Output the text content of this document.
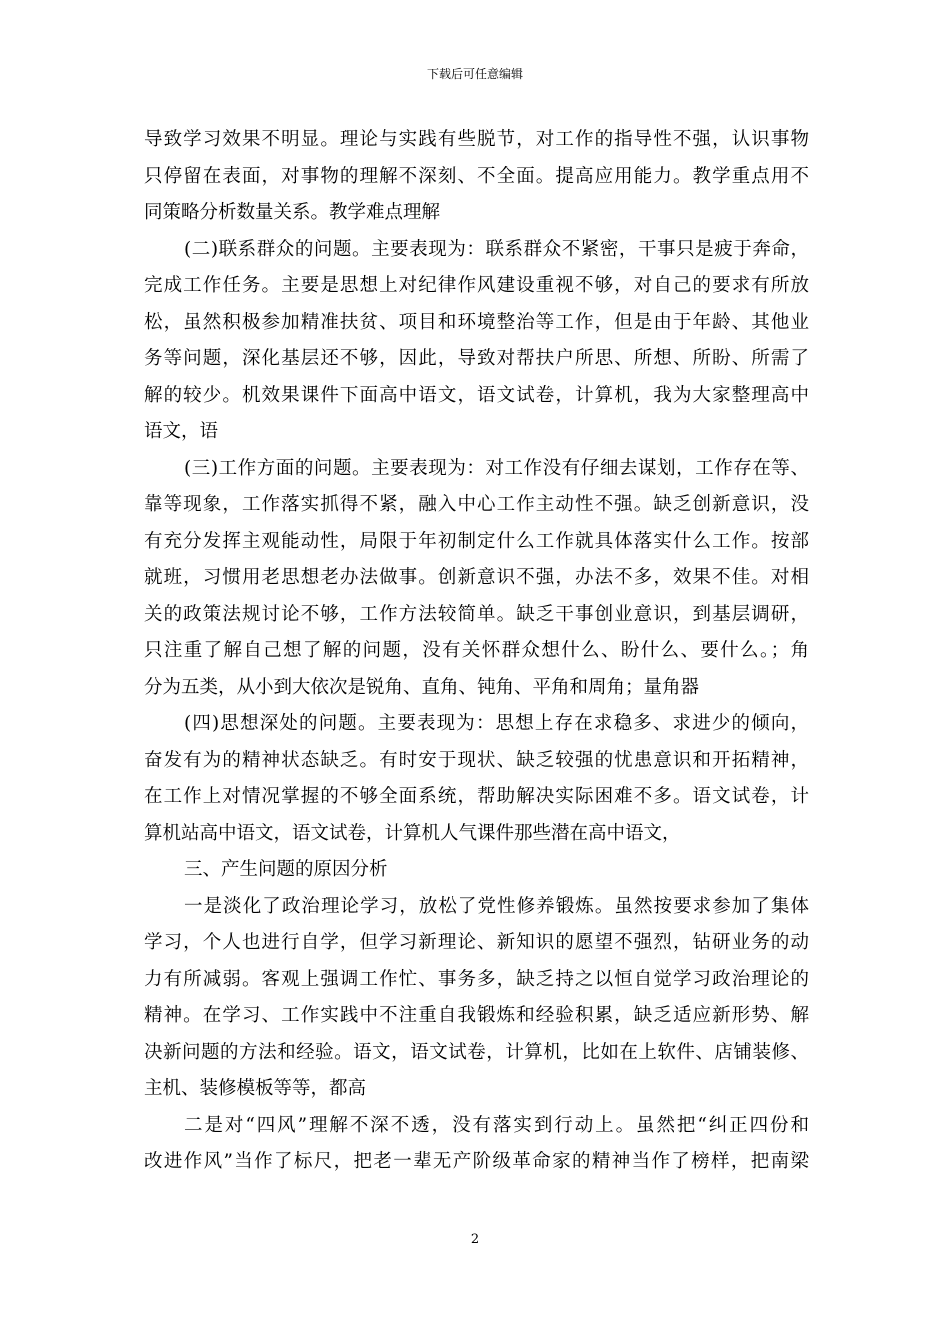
下载后可任意编辑
导致学习效果不明显。理论与实践有些脱节，对工作的指导性不强，认识事物
只停留在表面，对事物的理解不深刻、不全面。提高应用能力。教学重点用不
同策略分析数量关系。教学难点理解
(二)联系群众的问题。主要表现为：联系群众不紧密，干事只是疲于奔命，
完成工作任务。主要是思想上对纪律作风建设重视不够，对自己的要求有所放
松，虽然积极参加精准扶贫、项目和环境整治等工作，但是由于年龄、其他业
务等问题，深化基层还不够，因此，导致对帮扶户所思、所想、所盼、所需了
解的较少。机效果课件下面高中语文，语文试卷，计算机，我为大家整理高中
语文，语
(三)工作方面的问题。主要表现为：对工作没有仔细去谋划，工作存在等、
靠等现象，工作落实抓得不紧，融入中心工作主动性不强。缺乏创新意识，没
有充分发挥主观能动性，局限于年初制定什么工作就具体落实什么工作。按部
就班，习惯用老思想老办法做事。创新意识不强，办法不多，效果不佳。对相
关的政策法规讨论不够，工作方法较简单。缺乏干事创业意识，到基层调研，
只注重了解自己想了解的问题，没有关怀群众想什么、盼什么、要什么。；角
分为五类，从小到大依次是锐角、直角、钝角、平角和周角；量角器
(四)思想深处的问题。主要表现为：思想上存在求稳多、求进少的倾向，
奋发有为的精神状态缺乏。有时安于现状、缺乏较强的忧患意识和开拓精神，
在工作上对情况掌握的不够全面系统，帮助解决实际困难不多。语文试卷，计
算机站高中语文，语文试卷，计算机人气课件那些潜在高中语文，
三、产生问题的原因分析
一是淡化了政治理论学习，放松了党性修养锻炼。虽然按要求参加了集体
学习，个人也进行自学，但学习新理论、新知识的愿望不强烈，钻研业务的动
力有所减弱。客观上强调工作忙、事务多，缺乏持之以恒自觉学习政治理论的
精神。在学习、工作实践中不注重自我锻炼和经验积累，缺乏适应新形势、解
决新问题的方法和经验。语文，语文试卷，计算机，比如在上软件、店铺装修、
主机、装修模板等等，都高
二是对“四风”理解不深不透，没有落实到行动上。虽然把“纠正四份和
改进作风”当作了标尺，把老一辈无产阶级革命家的精神当作了榜样，把南梁
2
